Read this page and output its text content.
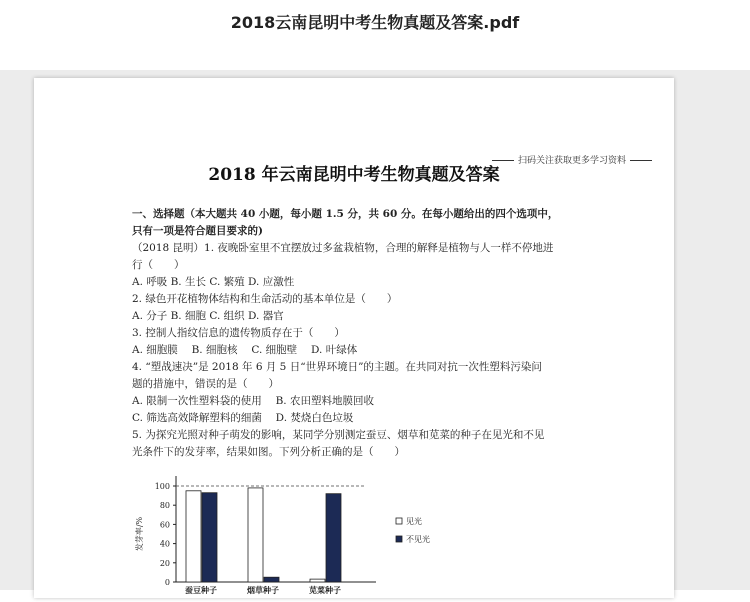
2018云南昆明中考生物真题及答案.pdf
扫码关注获取更多学习资料
2018 年云南昆明中考生物真题及答案
一、选择题（本大题共 40 小题，每小题 1.5 分，共 60 分。在每小题给出的四个选项中，
只有一项是符合题目要求的)
（2018 昆明）1. 夜晚卧室里不宜摆放过多盆栽植物，合理的解释是植物与人一样不停地进
行（　　）
A. 呼吸 B. 生长 C. 繁殖 D. 应激性
2. 绿色开花植物体结构和生命活动的基本单位是（　　）
A. 分子 B. 细胞 C. 组织 D. 器官
3. 控制人指纹信息的遗传物质存在于（　　）
A. 细胞膜　 B. 细胞核　 C. 细胞壁　 D. 叶绿体
4. “塑战速决”是 2018 年 6 月 5 日“世界环境日”的主题。在共同对抗一次性塑料污染问
题的措施中，错误的是（　　）
A. 限制一次性塑料袋的使用　 B. 农田塑料地膜回收
C. 筛选高效降解塑料的细菌　 D. 焚烧白色垃圾
5. 为探究光照对种子萌发的影响，某同学分别测定蚕豆、烟草和苋菜的种子在见光和不见
光条件下的发芽率，结果如图。下列分析正确的是（　　）
发芽率/%
0
20
40
60
80
100
蚕豆种子	烟草种子	苋菜种子
见光
不见光
